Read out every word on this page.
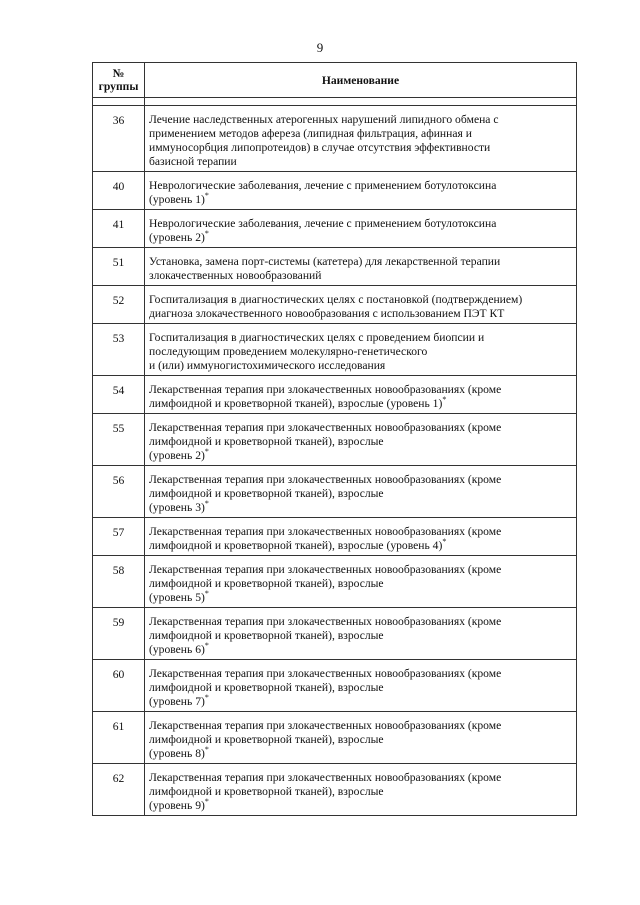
9
№
группы	Наименование

36	Лечение наследственных атерогенных нарушений липидного обмена с
применением методов афереза (липидная фильтрация, афинная и
иммуносорбция липопротеидов) в случае отсутствия эффективности
базисной терапии

40	Неврологические заболевания, лечение с применением ботулотоксина
(уровень 1)*

41	Неврологические заболевания, лечение с применением ботулотоксина
(уровень 2)*

51	Установка, замена порт-системы (катетера) для лекарственной терапии
злокачественных новообразований

52	Госпитализация в диагностических целях с постановкой (подтверждением)
диагноза злокачественного новообразования с использованием ПЭТ КТ

53	Госпитализация в диагностических целях с проведением биопсии и
последующим проведением молекулярно-генетического
и (или) иммуногистохимического исследования

54	Лекарственная терапия при злокачественных новообразованиях (кроме
лимфоидной и кроветворной тканей), взрослые (уровень 1)*

55	Лекарственная терапия при злокачественных новообразованиях (кроме
лимфоидной и кроветворной тканей), взрослые
(уровень 2)*

56	Лекарственная терапия при злокачественных новообразованиях (кроме
лимфоидной и кроветворной тканей), взрослые
(уровень 3)*

57	Лекарственная терапия при злокачественных новообразованиях (кроме
лимфоидной и кроветворной тканей), взрослые (уровень 4)*

58	Лекарственная терапия при злокачественных новообразованиях (кроме
лимфоидной и кроветворной тканей), взрослые
(уровень 5)*

59	Лекарственная терапия при злокачественных новообразованиях (кроме
лимфоидной и кроветворной тканей), взрослые
(уровень 6)*

60	Лекарственная терапия при злокачественных новообразованиях (кроме
лимфоидной и кроветворной тканей), взрослые
(уровень 7)*

61	Лекарственная терапия при злокачественных новообразованиях (кроме
лимфоидной и кроветворной тканей), взрослые
(уровень 8)*

62	Лекарственная терапия при злокачественных новообразованиях (кроме
лимфоидной и кроветворной тканей), взрослые
(уровень 9)*
